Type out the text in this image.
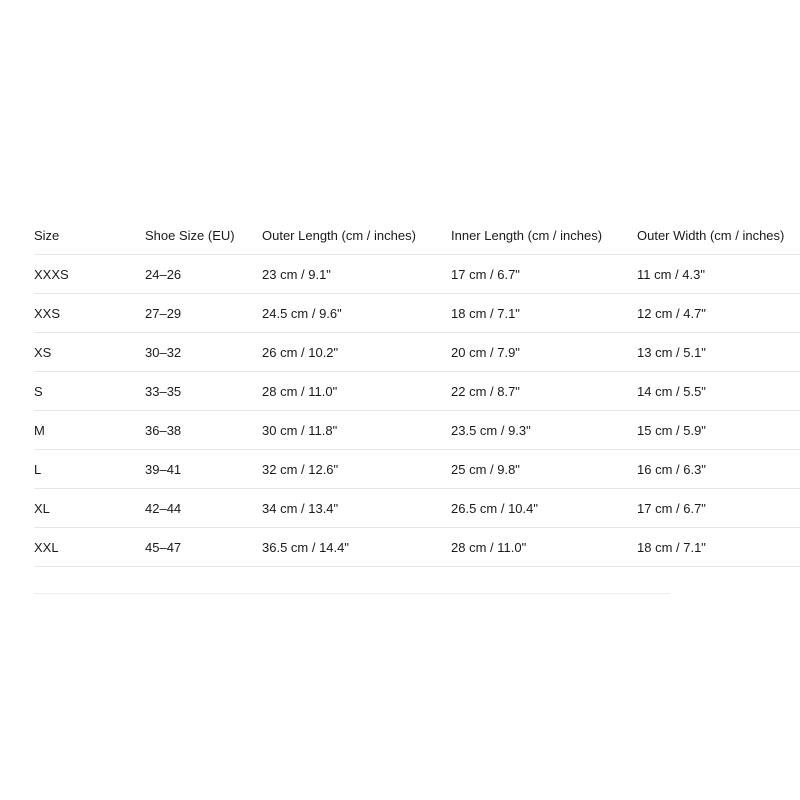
Size	Shoe Size (EU)	Outer Length (cm / inches)	Inner Length (cm / inches)	Outer Width (cm / inches)
XXXS	24–26	23 cm / 9.1"	17 cm / 6.7"	11 cm / 4.3"
XXS	27–29	24.5 cm / 9.6"	18 cm / 7.1"	12 cm / 4.7"
XS	30–32	26 cm / 10.2"	20 cm / 7.9"	13 cm / 5.1"
S	33–35	28 cm / 11.0"	22 cm / 8.7"	14 cm / 5.5"
M	36–38	30 cm / 11.8"	23.5 cm / 9.3"	15 cm / 5.9"
L	39–41	32 cm / 12.6"	25 cm / 9.8"	16 cm / 6.3"
XL	42–44	34 cm / 13.4"	26.5 cm / 10.4"	17 cm / 6.7"
XXL	45–47	36.5 cm / 14.4"	28 cm / 11.0"	18 cm / 7.1"
